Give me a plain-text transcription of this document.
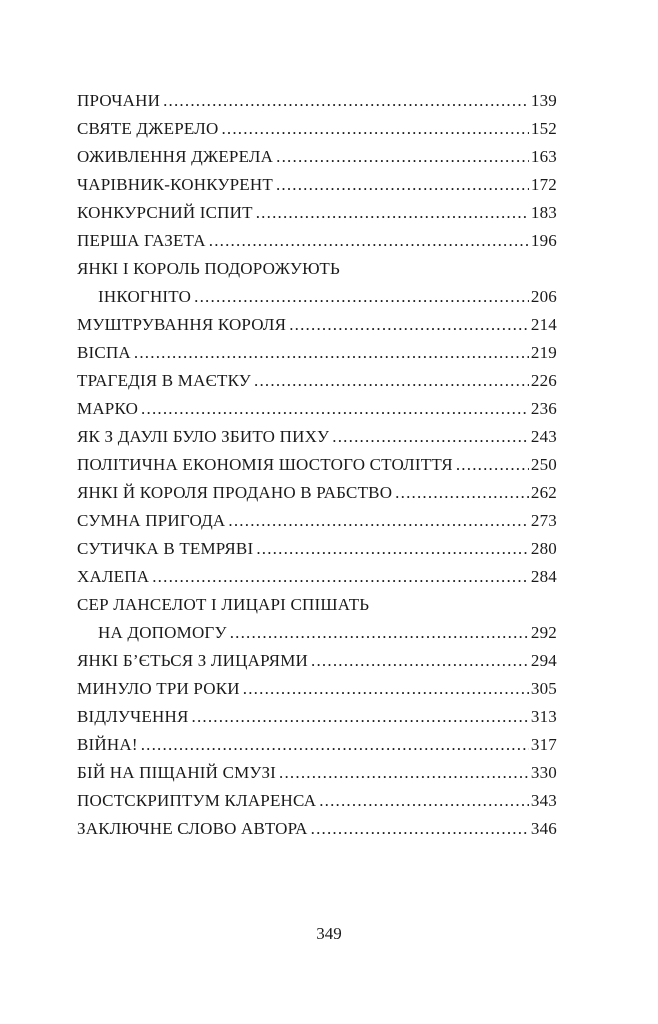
ПРОЧАНИ .....	139
СВЯТЕ ДЖЕРЕЛО .....	152
ОЖИВЛЕННЯ ДЖЕРЕЛА .....	163
ЧАРІВНИК-КОНКУРЕНТ .....	172
КОНКУРСНИЙ ІСПИТ .....	183
ПЕРША ГАЗЕТА .....	196
ЯНКІ І КОРОЛЬ ПОДОРОЖУЮТЬ
ІНКОГНІТО .....	206
МУШТРУВАННЯ КОРОЛЯ .....	214
ВІСПА .....	219
ТРАГЕДІЯ В МАЄТКУ .....	226
МАРКО .....	236
ЯК З ДАУЛІ БУЛО ЗБИТО ПИХУ .....	243
ПОЛІТИЧНА ЕКОНОМІЯ ШОСТОГО СТОЛІТТЯ .....	250
ЯНКІ Й КОРОЛЯ ПРОДАНО В РАБСТВО .....	262
СУМНА ПРИГОДА .....	273
СУТИЧКА В ТЕМРЯВІ .....	280
ХАЛЕПА .....	284
СЕР ЛАНСЕЛОТ І ЛИЦАРІ СПІШАТЬ
НА ДОПОМОГУ .....	292
ЯНКІ Б’ЄТЬСЯ З ЛИЦАРЯМИ .....	294
МИНУЛО ТРИ РОКИ .....	305
ВІДЛУЧЕННЯ .....	313
ВІЙНА! .....	317
БІЙ НА ПІЩАНІЙ СМУЗІ .....	330
ПОСТСКРИПТУМ КЛАРЕНСА .....	343
ЗАКЛЮЧНЕ СЛОВО АВТОРА .....	346
349
